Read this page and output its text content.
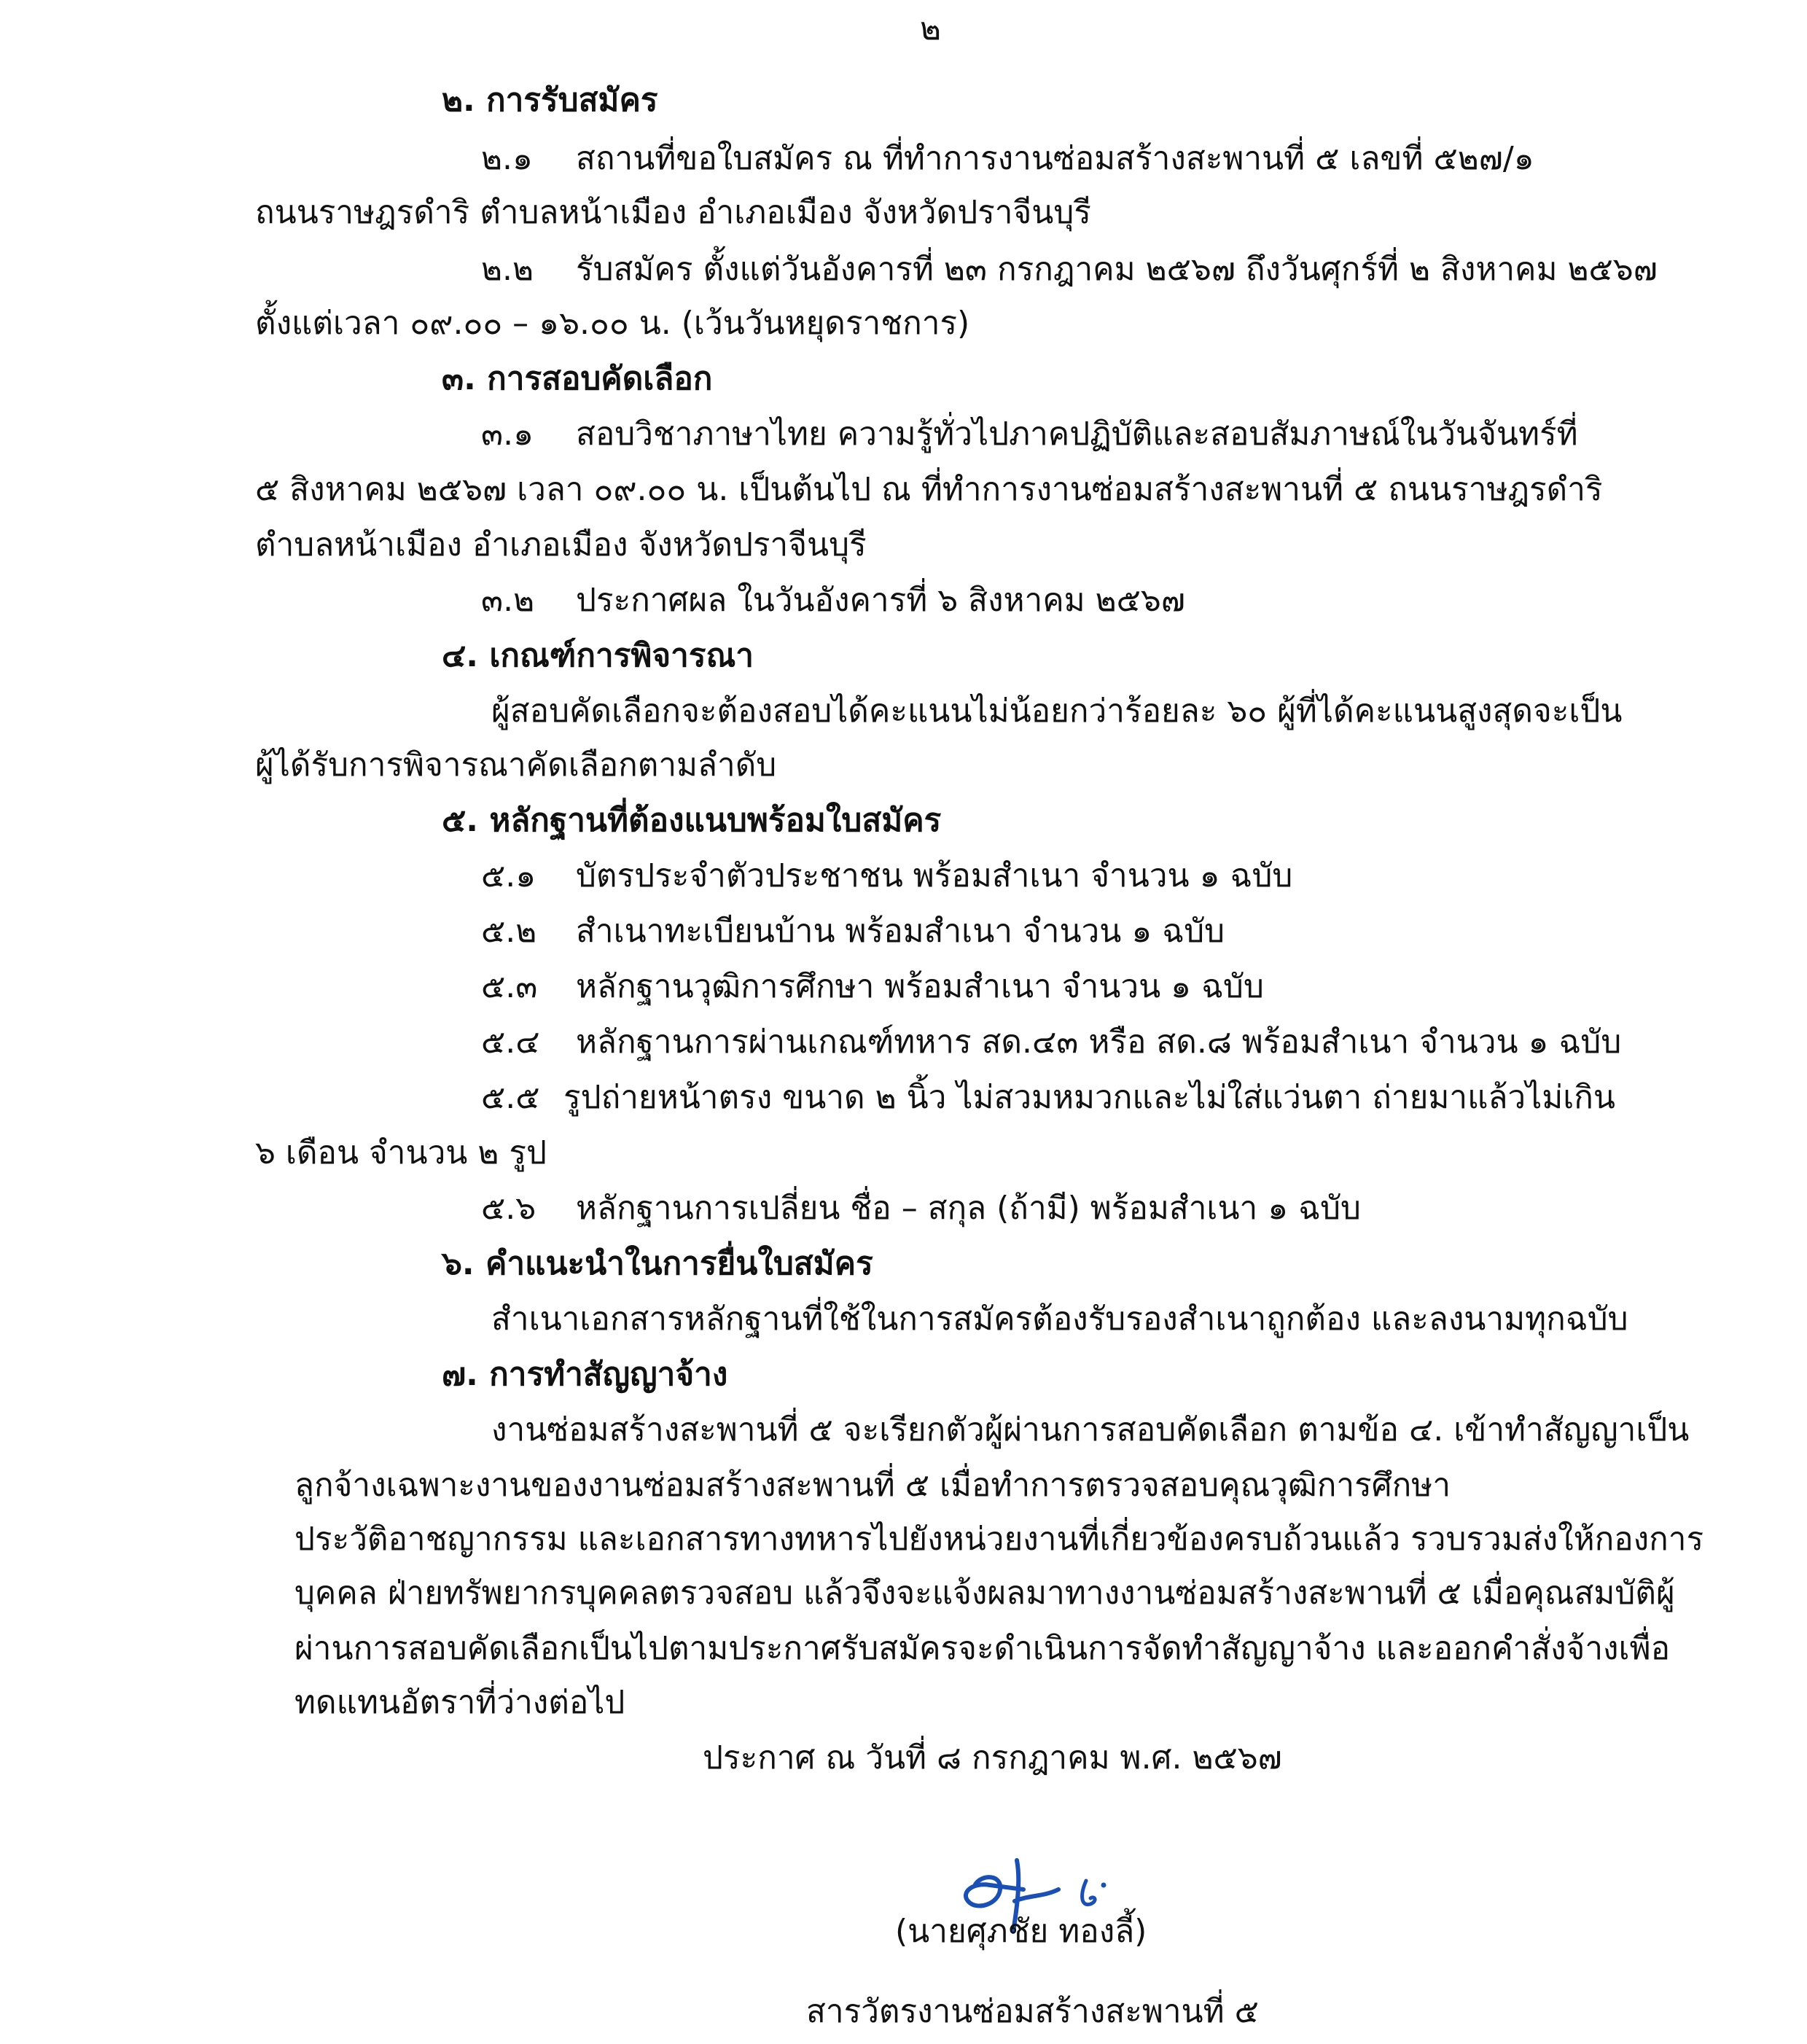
๒
๒. การรับสมัคร
๒.๑	สถานที่ขอใบสมัคร ณ ที่ทำการงานซ่อมสร้างสะพานที่ ๕ เลขที่ ๕๒๗/๑
ถนนราษฎรดำริ ตำบลหน้าเมือง อำเภอเมือง จังหวัดปราจีนบุรี
๒.๒ รับสมัคร ตั้งแต่วันอังคารที่ ๒๓ กรกฎาคม ๒๕๖๗ ถึงวันศุกร์ที่ ๒ สิงหาคม ๒๕๖๗
ตั้งแต่เวลา ๐๙.๐๐ – ๑๖.๐๐ น. (เว้นวันหยุดราชการ)
๓. การสอบคัดเลือก
๓.๑	สอบวิชาภาษาไทย ความรู้ทั่วไปภาคปฏิบัติและสอบสัมภาษณ์ในวันจันทร์ที่
๕ สิงหาคม ๒๕๖๗ เวลา ๐๙.๐๐ น. เป็นต้นไป ณ ที่ทำการงานซ่อมสร้างสะพานที่ ๕ ถนนราษฎรดำริ
ตำบลหน้าเมือง อำเภอเมือง จังหวัดปราจีนบุรี
๓.๒ ประกาศผล ในวันอังคารที่ ๖ สิงหาคม ๒๕๖๗
๔. เกณฑ์การพิจารณา
ผู้สอบคัดเลือกจะต้องสอบได้คะแนนไม่น้อยกว่าร้อยละ ๖๐ ผู้ที่ได้คะแนนสูงสุดจะเป็น
ผู้ได้รับการพิจารณาคัดเลือกตามลำดับ
๕. หลักฐานที่ต้องแนบพร้อมใบสมัคร
๕.๑ บัตรประจำตัวประชาชน พร้อมสำเนา จำนวน ๑ ฉบับ
๕.๒ สำเนาทะเบียนบ้าน พร้อมสำเนา จำนวน ๑ ฉบับ
๕.๓ หลักฐานวุฒิการศึกษา พร้อมสำเนา จำนวน ๑ ฉบับ
๕.๔ หลักฐานการผ่านเกณฑ์ทหาร สด.๔๓ หรือ สด.๘ พร้อมสำเนา จำนวน ๑ ฉบับ
๕.๕ รูปถ่ายหน้าตรง ขนาด ๒ นิ้ว ไม่สวมหมวกและไม่ใส่แว่นตา ถ่ายมาแล้วไม่เกิน
๖ เดือน จำนวน ๒ รูป
๕.๖ หลักฐานการเปลี่ยน ชื่อ – สกุล (ถ้ามี) พร้อมสำเนา ๑ ฉบับ
๖. คำแนะนำในการยื่นใบสมัคร
สำเนาเอกสารหลักฐานที่ใช้ในการสมัครต้องรับรองสำเนาถูกต้อง และลงนามทุกฉบับ
๗. การทำสัญญาจ้าง
งานซ่อมสร้างสะพานที่ ๕ จะเรียกตัวผู้ผ่านการสอบคัดเลือก ตามข้อ ๔. เข้าทำสัญญาเป็น
ลูกจ้างเฉพาะงานของงานซ่อมสร้างสะพานที่ ๕ เมื่อทำการตรวจสอบคุณวุฒิการศึกษา
ประวัติอาชญากรรม และเอกสารทางทหารไปยังหน่วยงานที่เกี่ยวข้องครบถ้วนแล้ว รวบรวมส่งให้กองการ
บุคคล ฝ่ายทรัพยากรบุคคลตรวจสอบ แล้วจึงจะแจ้งผลมาทางงานซ่อมสร้างสะพานที่ ๕ เมื่อคุณสมบัติผู้
ผ่านการสอบคัดเลือกเป็นไปตามประกาศรับสมัครจะดำเนินการจัดทำสัญญาจ้าง และออกคำสั่งจ้างเพื่อ
ทดแทนอัตราที่ว่างต่อไป
ประกาศ ณ วันที่ ๘ กรกฎาคม พ.ศ. ๒๕๖๗
(นายศุภชัย ทองลี้)
สารวัตรงานซ่อมสร้างสะพานที่ ๕
